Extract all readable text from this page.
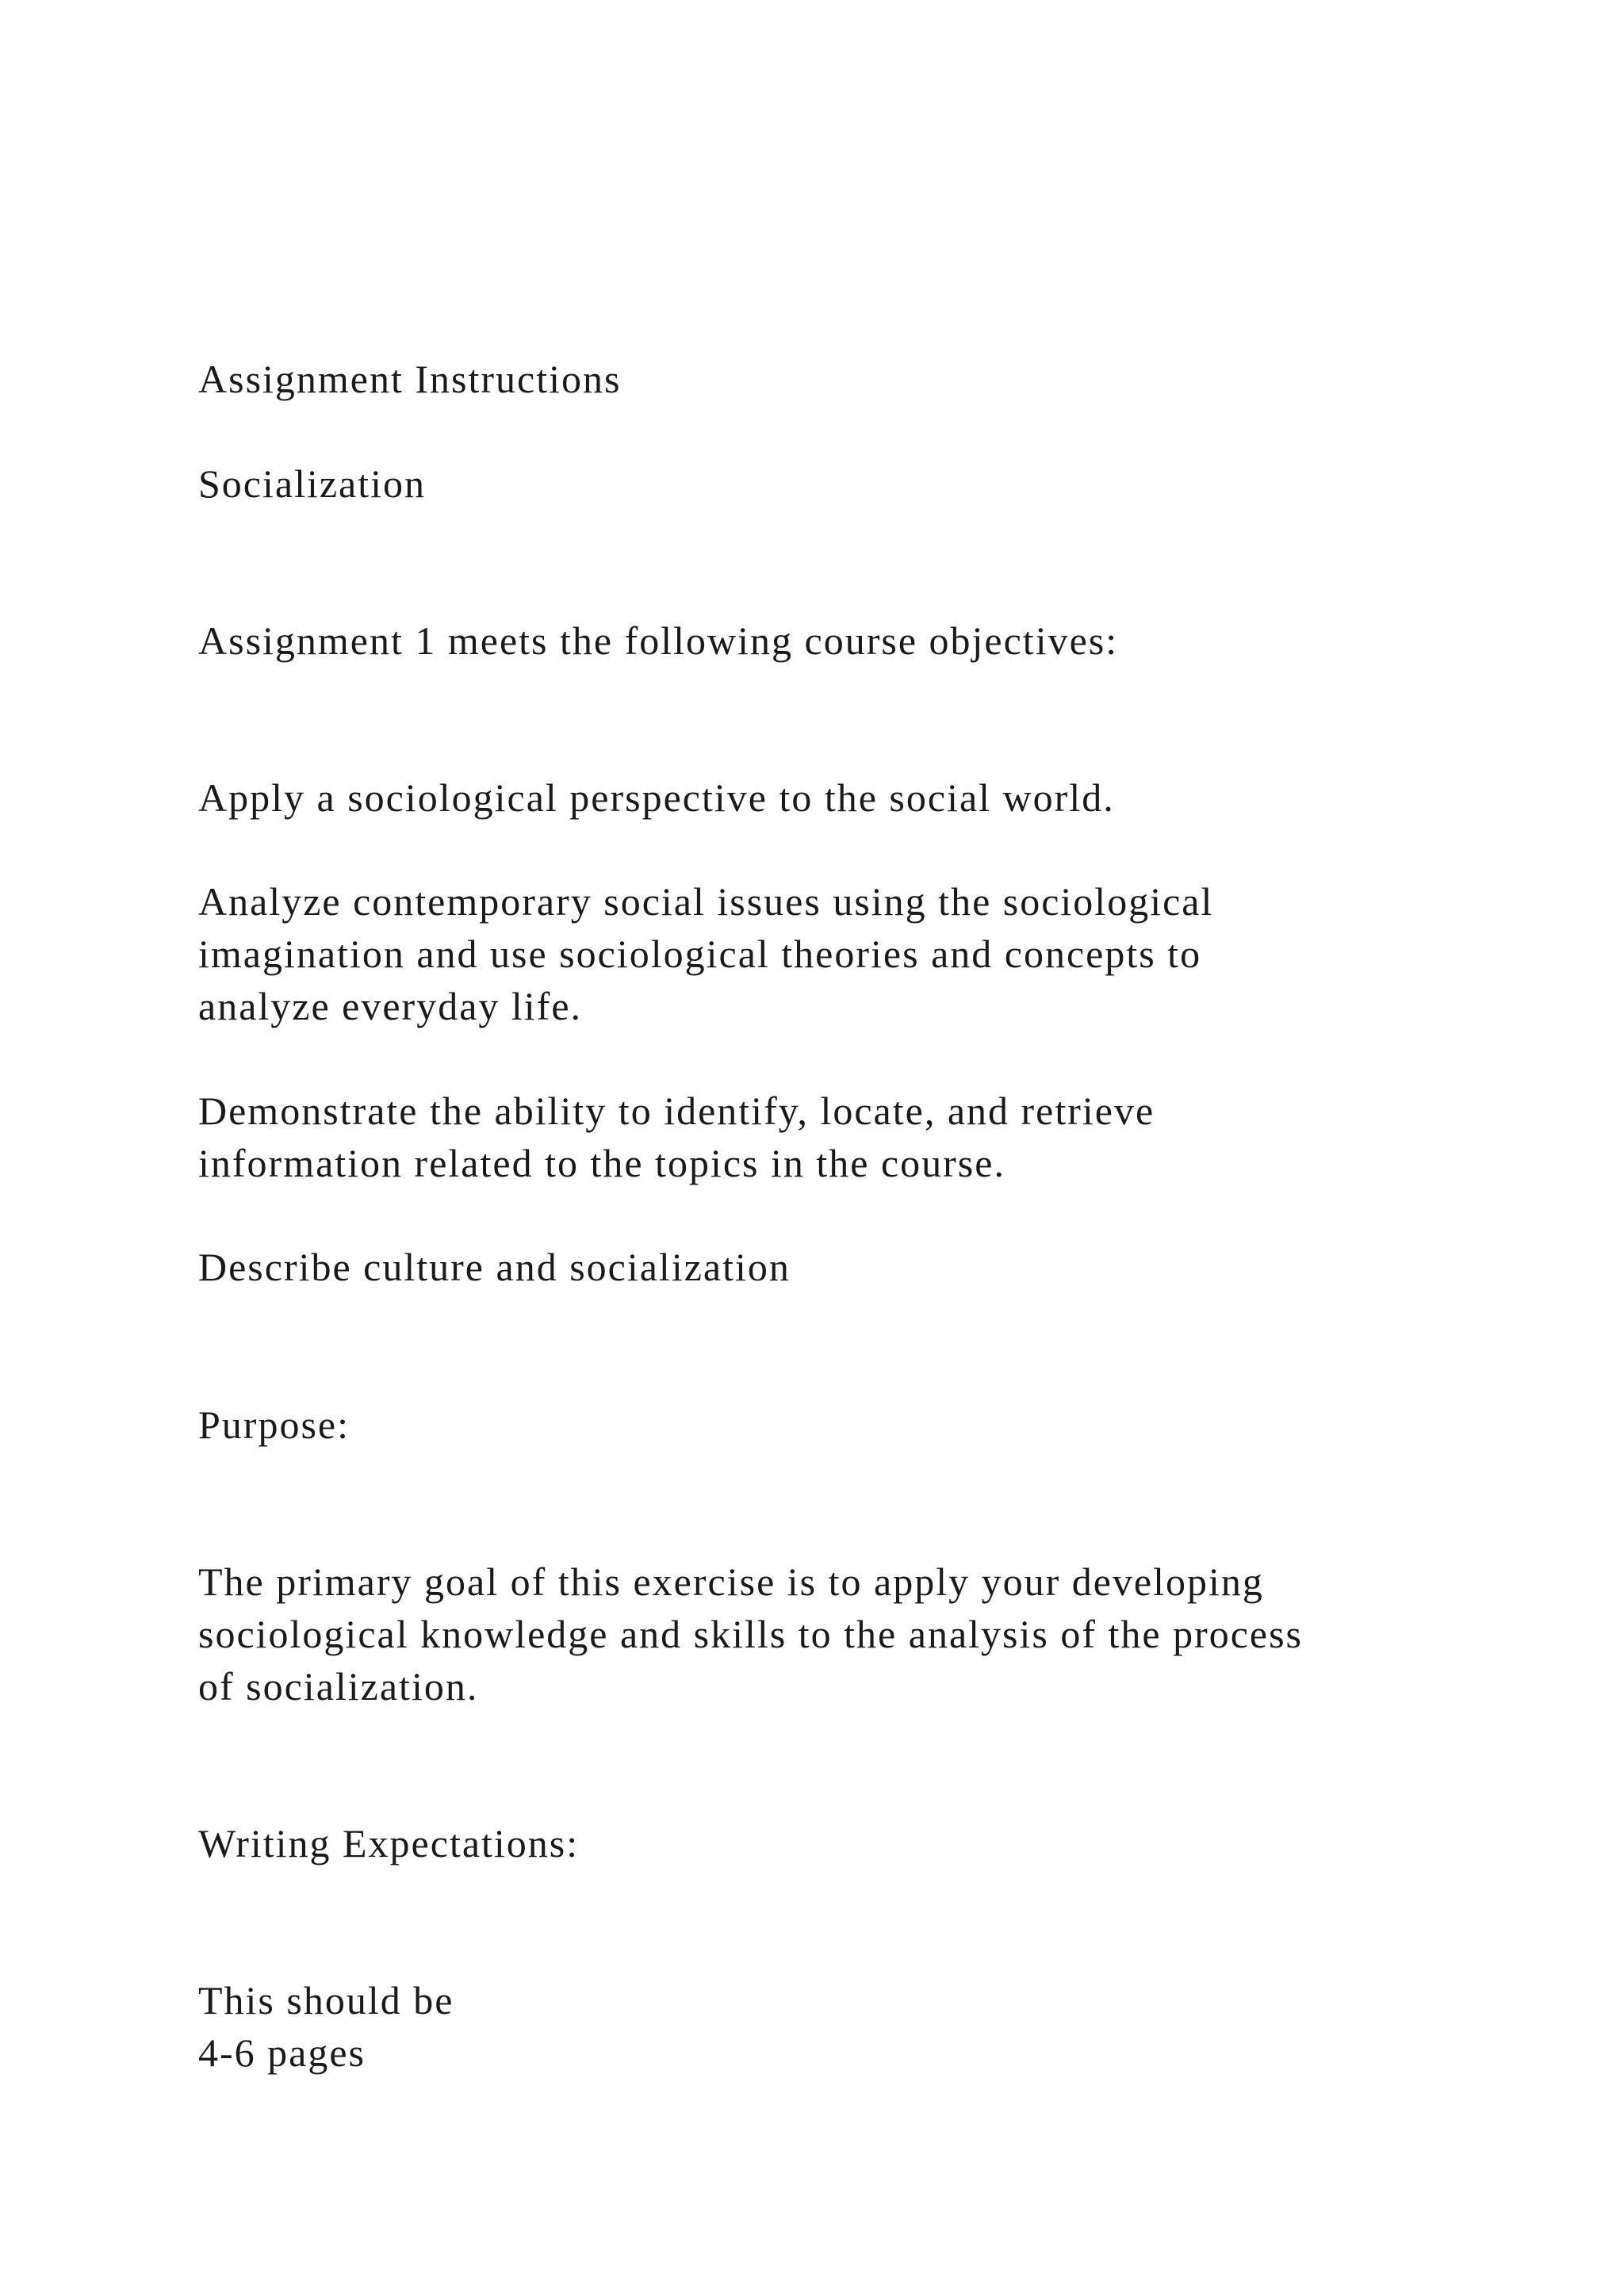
Assignment Instructions
Socialization
Assignment 1 meets the following course objectives:
Apply a sociological perspective to the social world.
Analyze contemporary social issues using the sociological
imagination and use sociological theories and concepts to
analyze everyday life.
Demonstrate the ability to identify, locate, and retrieve
information related to the topics in the course.
Describe culture and socialization
Purpose:
The primary goal of this exercise is to apply your developing
sociological knowledge and skills to the analysis of the process
of socialization.
Writing Expectations:
This should be
4-6 pages
